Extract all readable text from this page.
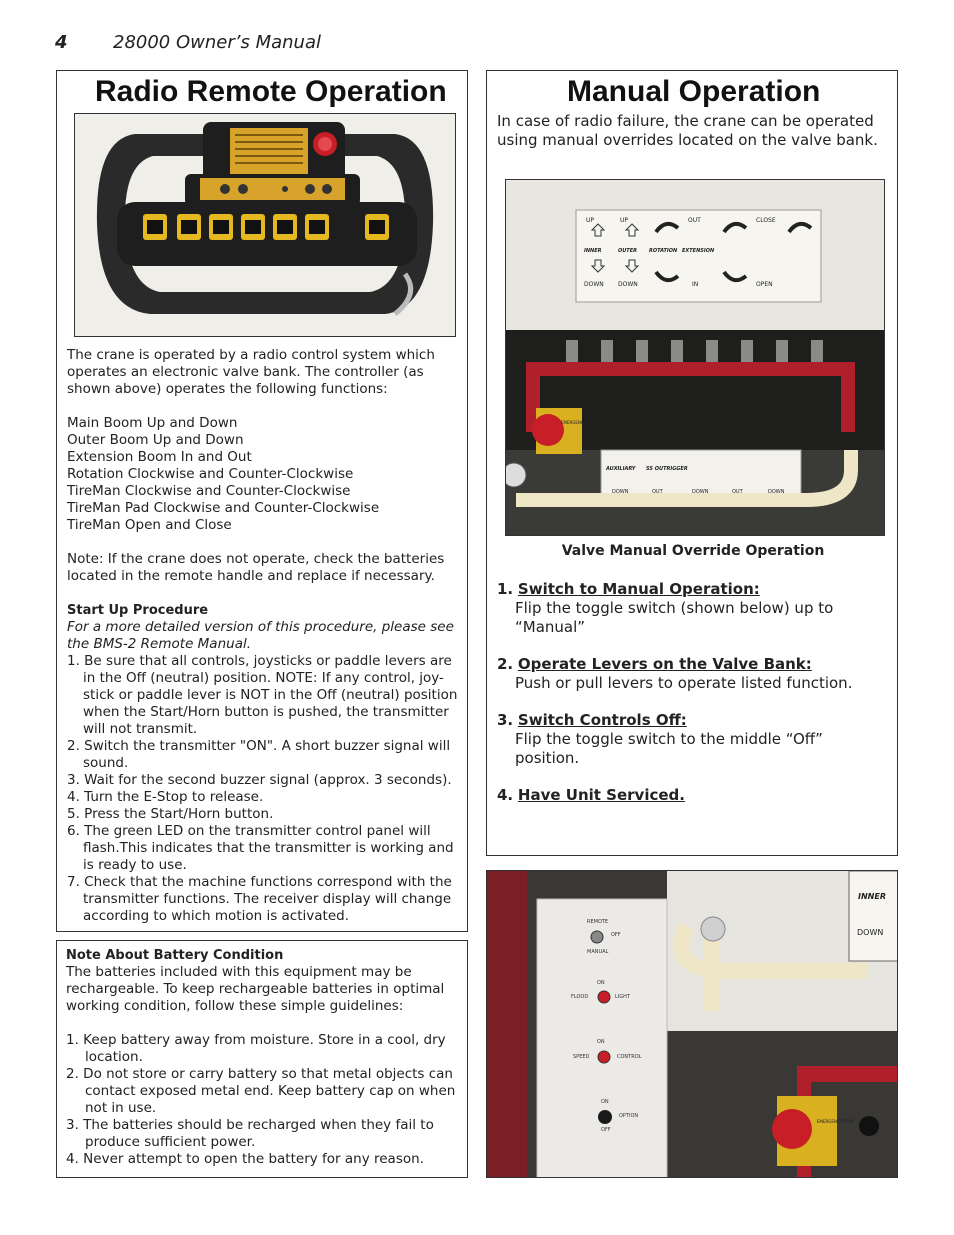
4	28000 Owner’s Manual
Radio Remote Operation

The crane is operated by a radio control system which operates an electronic valve bank. The controller (as shown above) operates the following functions:

Main Boom Up and Down

Outer Boom Up and Down

Extension Boom In and Out

Rotation Clockwise and Counter-Clockwise

TireMan Clockwise and Counter-Clockwise

TireMan Pad Clockwise and Counter-Clockwise

TireMan Open and Close

Note: If the crane does not operate, check the batteries located in the remote handle and replace if necessary.

Start Up Procedure

For a more detailed version of this procedure, please see the BMS-2 Remote Manual.

1. Be sure that all controls, joysticks or paddle levers are in the Off (neutral) position. NOTE: If any control, joy-stick or paddle lever is NOT in the Off (neutral) position when the Start/Horn button is pushed, the transmitter will not transmit.

2. Switch the transmitter "ON". A short buzzer signal will sound.

3. Wait for the second buzzer signal (approx. 3 seconds).

4. Turn the E-Stop to release.

5. Press the Start/Horn button.

6. The green LED on the transmitter control panel will flash.This indicates that the transmitter is working and is ready to use.

7. Check that the machine functions correspond with the transmitter functions. The receiver display will change according to which motion is activated.

Note About Battery Condition

The batteries included with this equipment may be rechargeable. To keep rechargeable batteries in optimal working condition, follow these simple guidelines:

1. Keep battery away from moisture. Store in a cool, dry location.

2. Do not store or carry battery so that metal objects can contact exposed metal end. Keep battery cap on when not in use.

3. The batteries should be recharged when they fail to produce sufficient power.

4. Never attempt to open the battery for any reason.

Manual Operation
In case of radio failure, the crane can be operated using manual overrides located on the valve bank.
UP	UP	OUT	CLOSE
INNER	OUTER ROTATION EXTENSION
DOWN DOWN	IN	OPEN
EMERGENCY STOP
AUXILIARY SS OUTRIGGER
DOWN	OUT	DOWN	OUT	DOWN
Valve Manual Override Operation

1. Switch to Manual Operation:

Flip the toggle switch (shown below) up to “Manual”

2. Operate Levers on the Valve Bank:

Push or pull levers to operate listed function.

3. Switch Controls Off:

Flip the toggle switch to the middle “Off” position.

4. Have Unit Serviced.

REMOTE
OFF
MANUAL
ON
FLOOD	LIGHT
ON
SPEED	CONTROL
ON
OPTION
OFF
INNER
DOWN
EMERGENCY STOP
